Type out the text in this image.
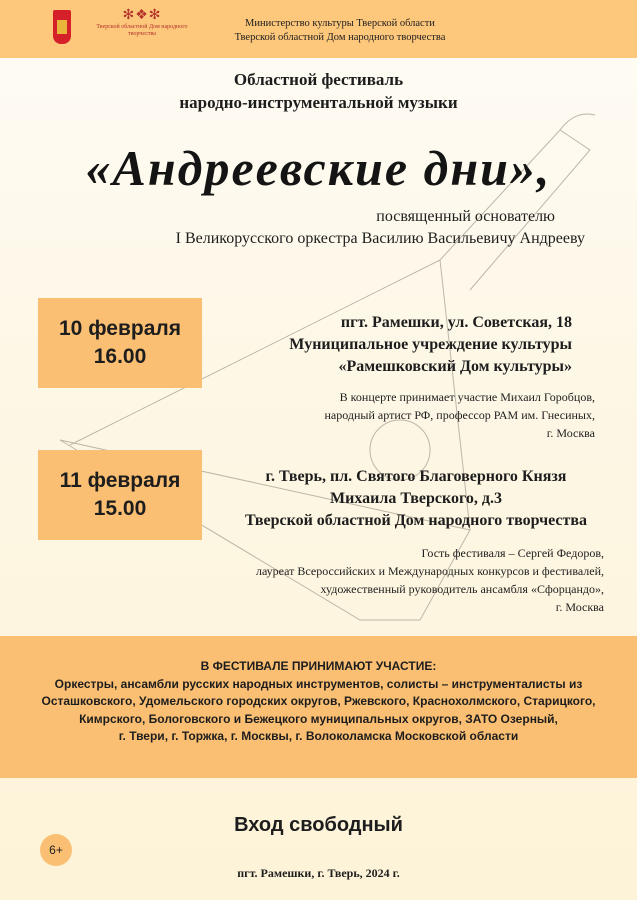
✻❖✻
Тверской областной Дом народного творчества
Министерство культуры Тверской области
Тверской областной Дом народного творчества
Областной фестиваль
народно-инструментальной музыки
«Андреевские дни»,
посвященный основателю
I Великорусского оркестра Василию Васильевичу Андрееву
10 февраля
16.00
пгт. Рамешки, ул. Советская, 18
Муниципальное учреждение культуры
«Рамешковский Дом культуры»
В концерте принимает участие Михаил Горобцов,
народный артист РФ, профессор РАМ им. Гнесиных,
г. Москва
11 февраля
15.00
г. Тверь, пл. Святого Благоверного Князя
Михаила Тверского, д.3
Тверской областной Дом народного творчества
Гость фестиваля – Сергей Федоров,
лауреат Всероссийских и Международных конкурсов и фестивалей,
художественный руководитель ансамбля «Сфорцандо»,
г. Москва
В ФЕСТИВАЛЕ ПРИНИМАЮТ УЧАСТИЕ:
Оркестры, ансамбли русских народных инструментов, солисты – инструменталисты из
Осташковского, Удомельского городских округов, Ржевского, Краснохолмского, Старицкого,
Кимрского, Бологовского и Бежецкого муниципальных округов, ЗАТО Озерный,
г. Твери, г. Торжка, г. Москвы, г. Волоколамска Московской области
Вход свободный
6+
пгт. Рамешки, г. Тверь, 2024 г.
